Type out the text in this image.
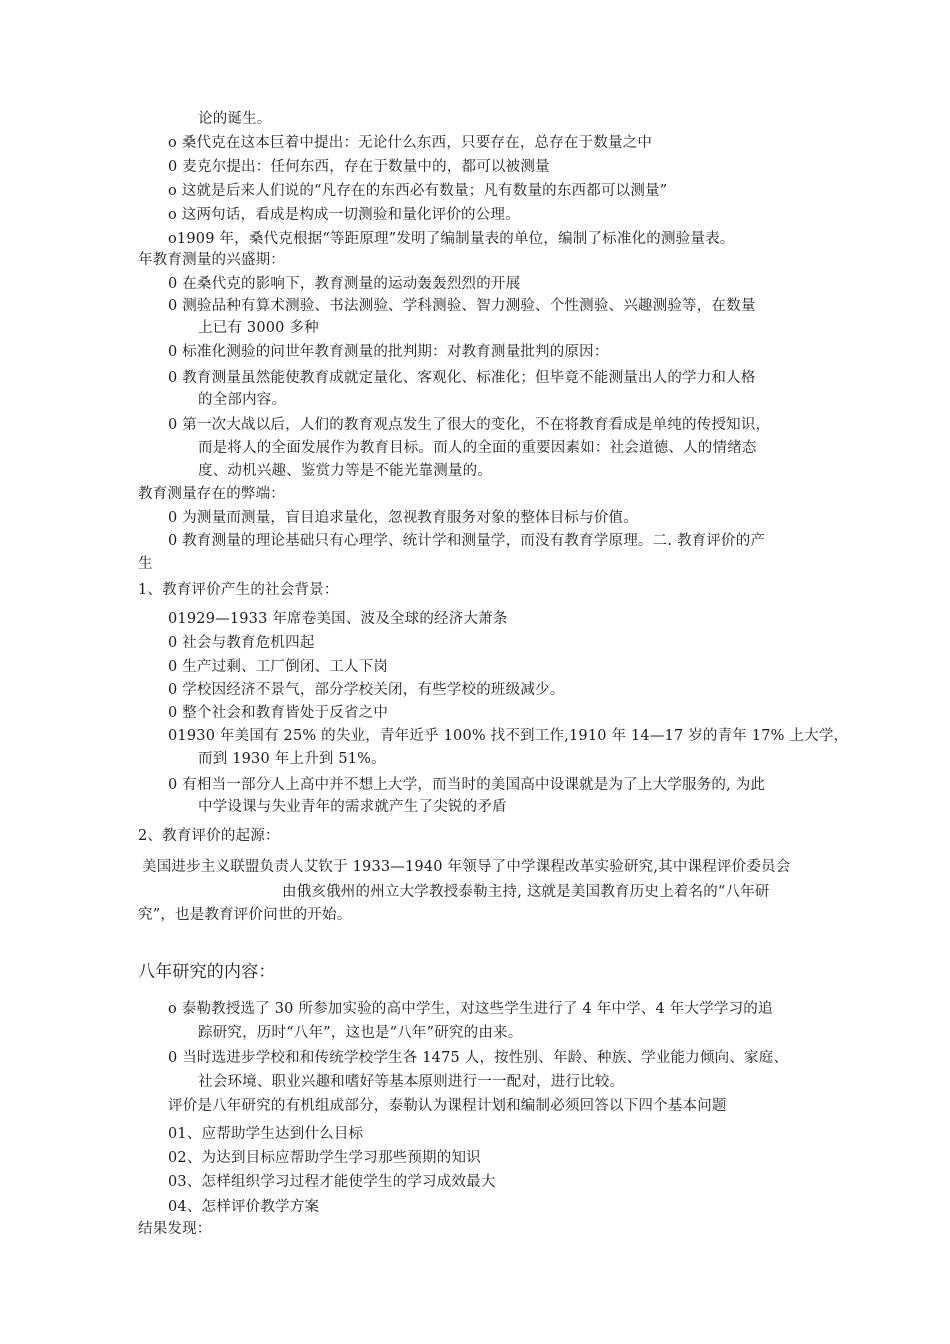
论的诞生。
o 桑代克在这本巨着中提出：无论什么东西，只要存在，总存在于数量之中
0 麦克尔提出：任何东西，存在于数量中的，都可以被测量
o 这就是后来人们说的“凡存在的东西必有数量；凡有数量的东西都可以测量”
o 这两句话，看成是构成一切测验和量化评价的公理。
o1909 年，桑代克根据“等距原理”发明了编制量表的单位，编制了标准化的测验量表。
年教育测量的兴盛期：
0 在桑代克的影响下，教育测量的运动轰轰烈烈的开展
0 测验品种有算术测验、书法测验、学科测验、智力测验、个性测验、兴趣测验等，在数量
上已有 3000 多种
0 标准化测验的问世年教育测量的批判期：对教育测量批判的原因：
0 教育测量虽然能使教育成就定量化、客观化、标准化；但毕竟不能测量出人的学力和人格
的全部内容。
0 第一次大战以后，人们的教育观点发生了很大的变化，不在将教育看成是单纯的传授知识，
而是将人的全面发展作为教育目标。而人的全面的重要因素如：社会道德、人的情绪态
度、动机兴趣、鉴赏力等是不能光靠测量的。
教育测量存在的弊端：
0 为测量而测量，盲目追求量化，忽视教育服务对象的整体目标与价值。
0 教育测量的理论基础只有心理学、统计学和测量学，而没有教育学原理。二. 教育评价的产
生
1、教育评价产生的社会背景：
01929—1933 年席卷美国、波及全球的经济大萧条
0 社会与教育危机四起
0 生产过剩、工厂倒闭、工人下岗
0 学校因经济不景气，部分学校关闭，有些学校的班级减少。
0 整个社会和教育皆处于反省之中
01930 年美国有 25% 的失业，青年近乎 100% 找不到工作,1910 年 14—17 岁的青年 17% 上大学，
而到 1930 年上升到 51%。
0 有相当一部分人上高中并不想上大学，而当时的美国高中设课就是为了上大学服务的, 为此
中学设课与失业青年的需求就产生了尖锐的矛盾
2、教育评价的起源：
美国进步主义联盟负责人艾钦于 1933—1940 年领导了中学课程改革实验研究,其中课程评价委员会
由俄亥俄州的州立大学教授泰勒主持, 这就是美国教育历史上着名的“八年研
究”，也是教育评价问世的开始。
八年研究的内容：
o 泰勒教授选了 30 所参加实验的高中学生，对这些学生进行了 4 年中学、4 年大学学习的追
踪研究，历时“八年”，这也是“八年”研究的由来。
0 当时选进步学校和和传统学校学生各 1475 人，按性别、年龄、种族、学业能力倾向、家庭、
社会环境、职业兴趣和嗜好等基本原则进行一一配对，进行比较。
评价是八年研究的有机组成部分，泰勒认为课程计划和编制必须回答以下四个基本问题
01、应帮助学生达到什么目标
02、为达到目标应帮助学生学习那些预期的知识
03、怎样组织学习过程才能使学生的学习成效最大
04、怎样评价教学方案
结果发现：
